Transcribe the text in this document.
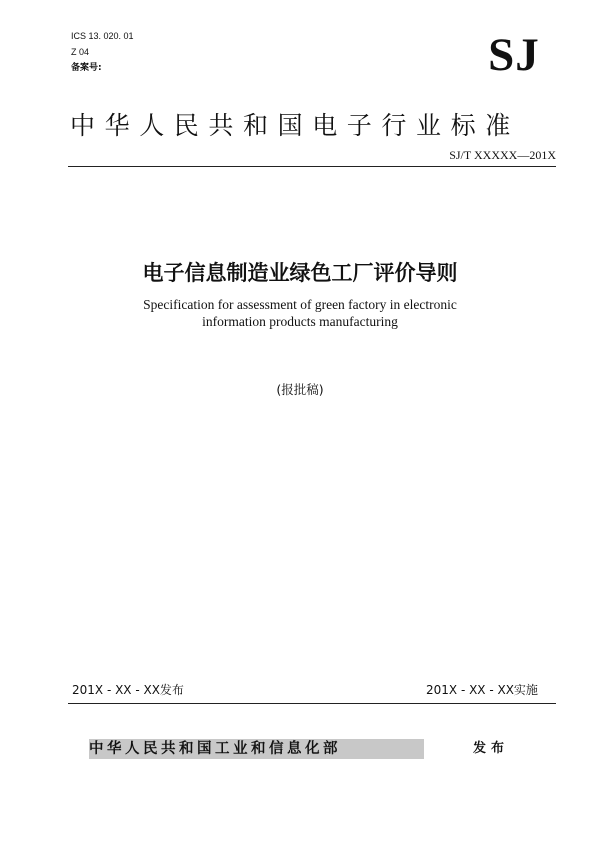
ICS 13. 020. 01
Z 04
备案号:	SJ
中华人民共和国电子行业标准
SJ/T XXXXX—201X
电子信息制造业绿色工厂评价导则
Specification for assessment of green factory in electronic
information products manufacturing
(报批稿)
201X - XX - XX发布	201X - XX - XX实施
中华人民共和国工业和信息化部	发布
